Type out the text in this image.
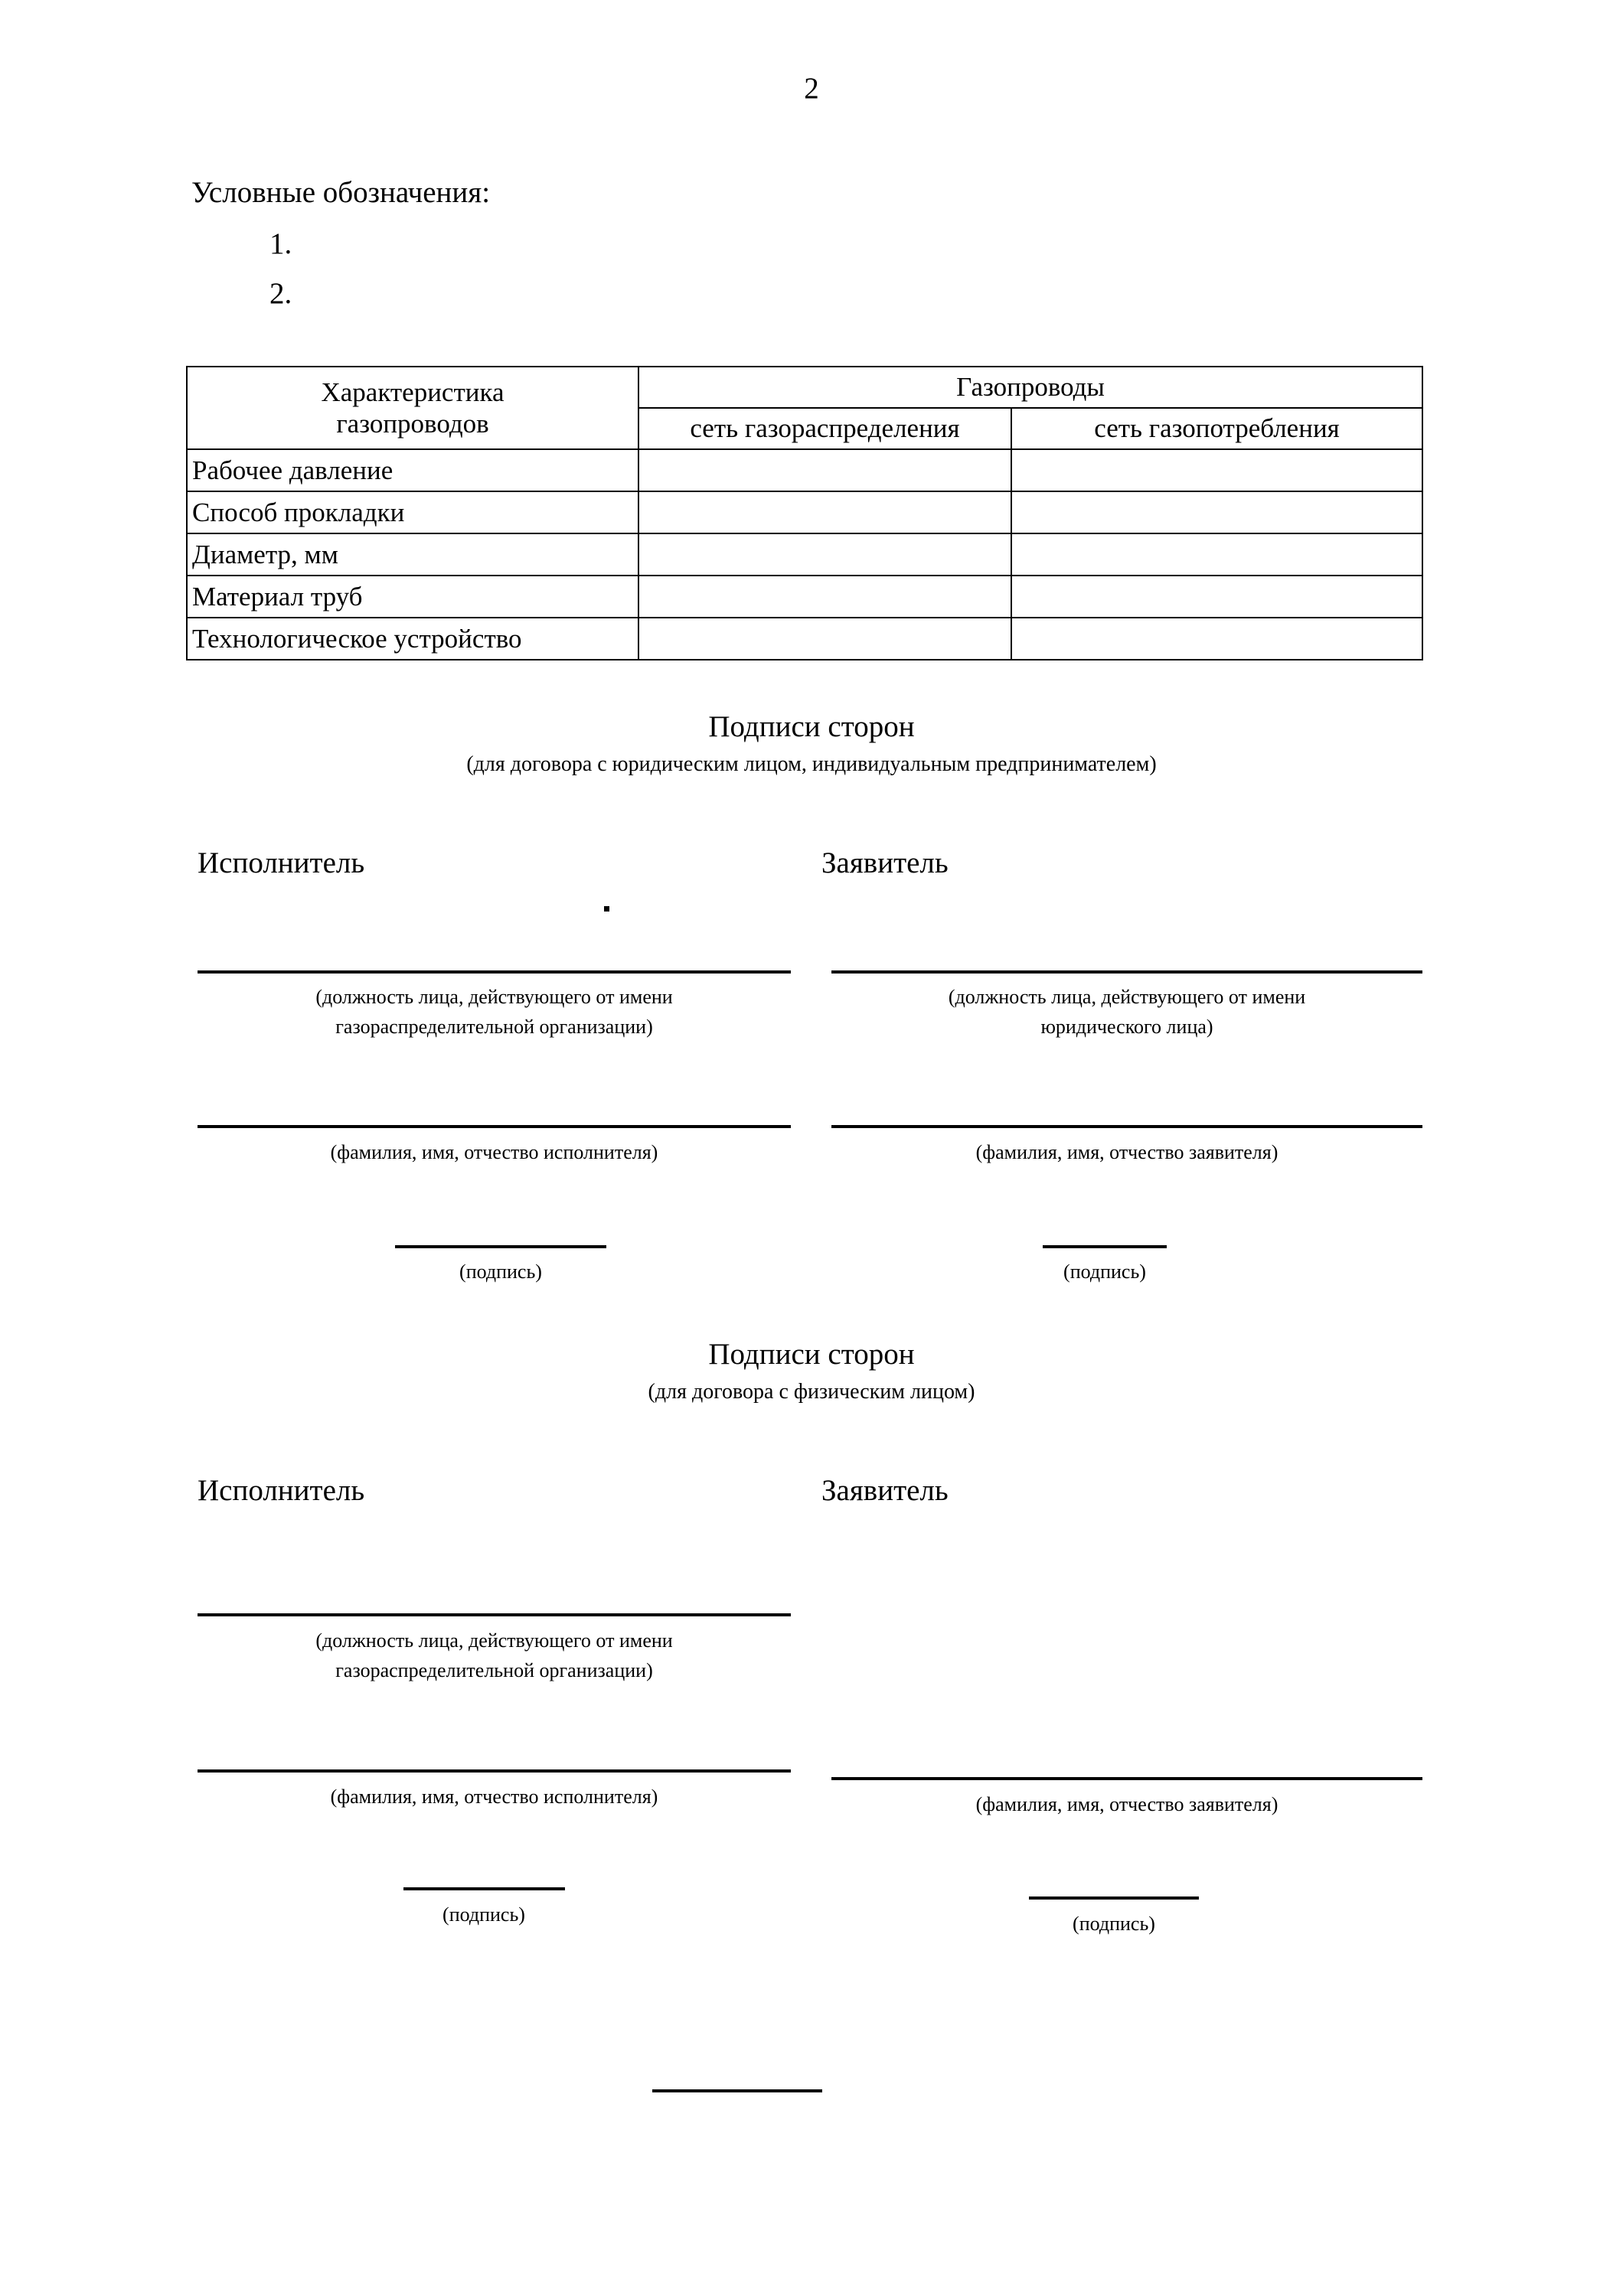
2
Условные обозначения:
1.
2.
Характеристика
газопроводов	Газопроводы	
	сеть газораспределения	сеть газопотребления
Рабочее давление		
Способ прокладки		
Диаметр, мм		
Материал труб		
Технологическое устройство		
Подписи сторон
(для договора с юридическим лицом, индивидуальным предпринимателем)
Исполнитель	Заявитель
(должность лица, действующего от имени
газораспределительной организации)
(должность лица, действующего от имени
юридического лица)
(фамилия, имя, отчество исполнителя)	(фамилия, имя, отчество заявителя)
(подпись)	(подпись)
Подписи сторон
(для договора с физическим лицом)
Исполнитель	Заявитель
(должность лица, действующего от имени
газораспределительной организации)
(фамилия, имя, отчество исполнителя)	(фамилия, имя, отчество заявителя)
(подпись)	(подпись)
